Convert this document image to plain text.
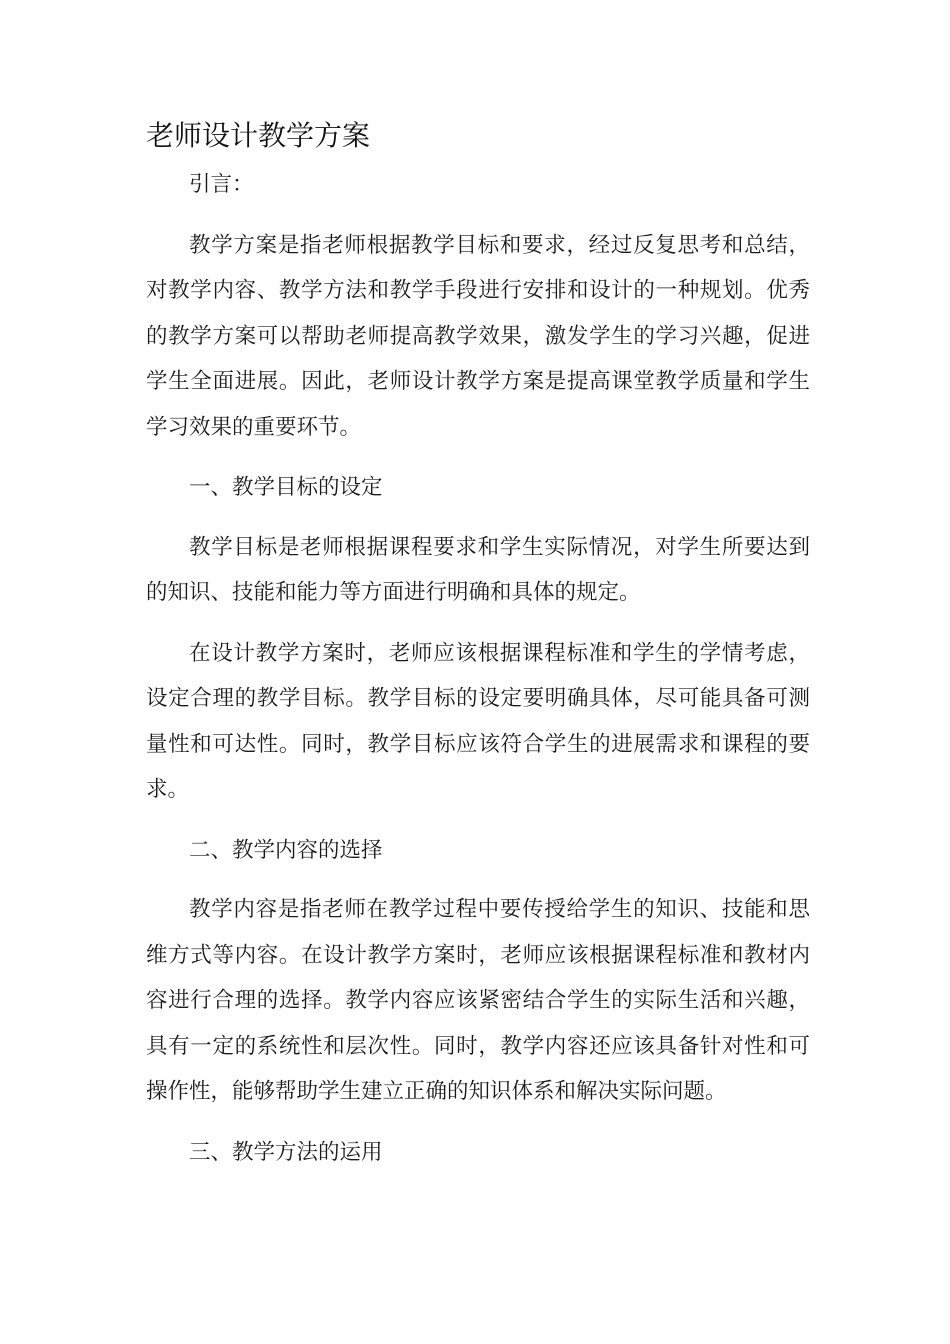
老师设计教学方案

引言：

教学方案是指老师根据教学目标和要求，经过反复思考和总结，对教学内容、教学方法和教学手段进行安排和设计的一种规划。优秀的教学方案可以帮助老师提高教学效果，激发学生的学习兴趣，促进学生全面进展。因此，老师设计教学方案是提高课堂教学质量和学生学习效果的重要环节。

一、教学目标的设定

教学目标是老师根据课程要求和学生实际情况，对学生所要达到的知识、技能和能力等方面进行明确和具体的规定。

在设计教学方案时，老师应该根据课程标准和学生的学情考虑，设定合理的教学目标。教学目标的设定要明确具体，尽可能具备可测量性和可达性。同时，教学目标应该符合学生的进展需求和课程的要求。

二、教学内容的选择

教学内容是指老师在教学过程中要传授给学生的知识、技能和思维方式等内容。在设计教学方案时，老师应该根据课程标准和教材内容进行合理的选择。教学内容应该紧密结合学生的实际生活和兴趣，具有一定的系统性和层次性。同时，教学内容还应该具备针对性和可操作性，能够帮助学生建立正确的知识体系和解决实际问题。

三、教学方法的运用
